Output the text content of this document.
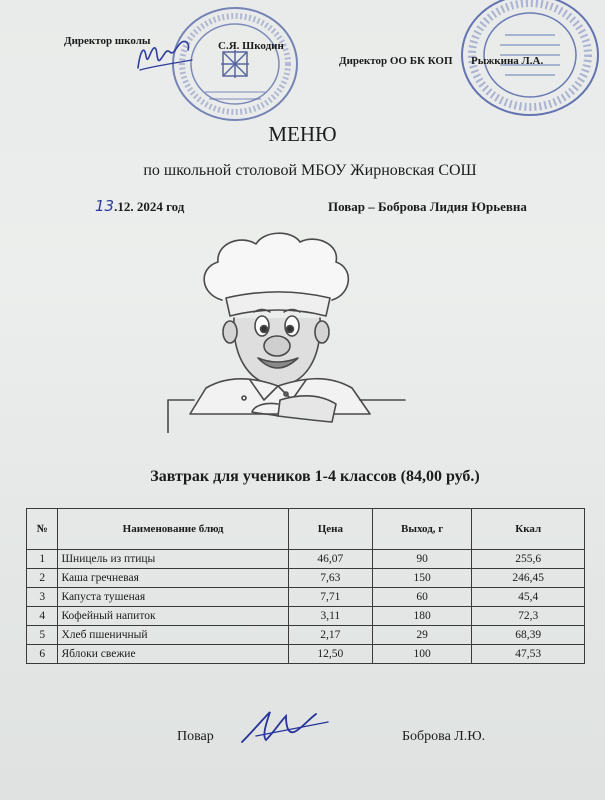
Директор школы	С.Я. Шкодин
Директор ОО БК КОП Рыжкина Л.А.
МЕНЮ
по школьной столовой МБОУ Жирновская СОШ
13.12. 2024 год	Повар – Боброва Лидия Юрьевна
Завтрак для учеников 1-4 классов (84,00 руб.)
№	Наименование блюд	Цена	Выход, г	Ккал
1	Шницель из птицы	46,07	90	255,6
2	Каша гречневая	7,63	150	246,45
3	Капуста тушеная	7,71	60	45,4
4	Кофейный напиток	3,11	180	72,3
5	Хлеб пшеничный	2,17	29	68,39
6	Яблоки свежие	12,50	100	47,53
Повар	Боброва Л.Ю.
